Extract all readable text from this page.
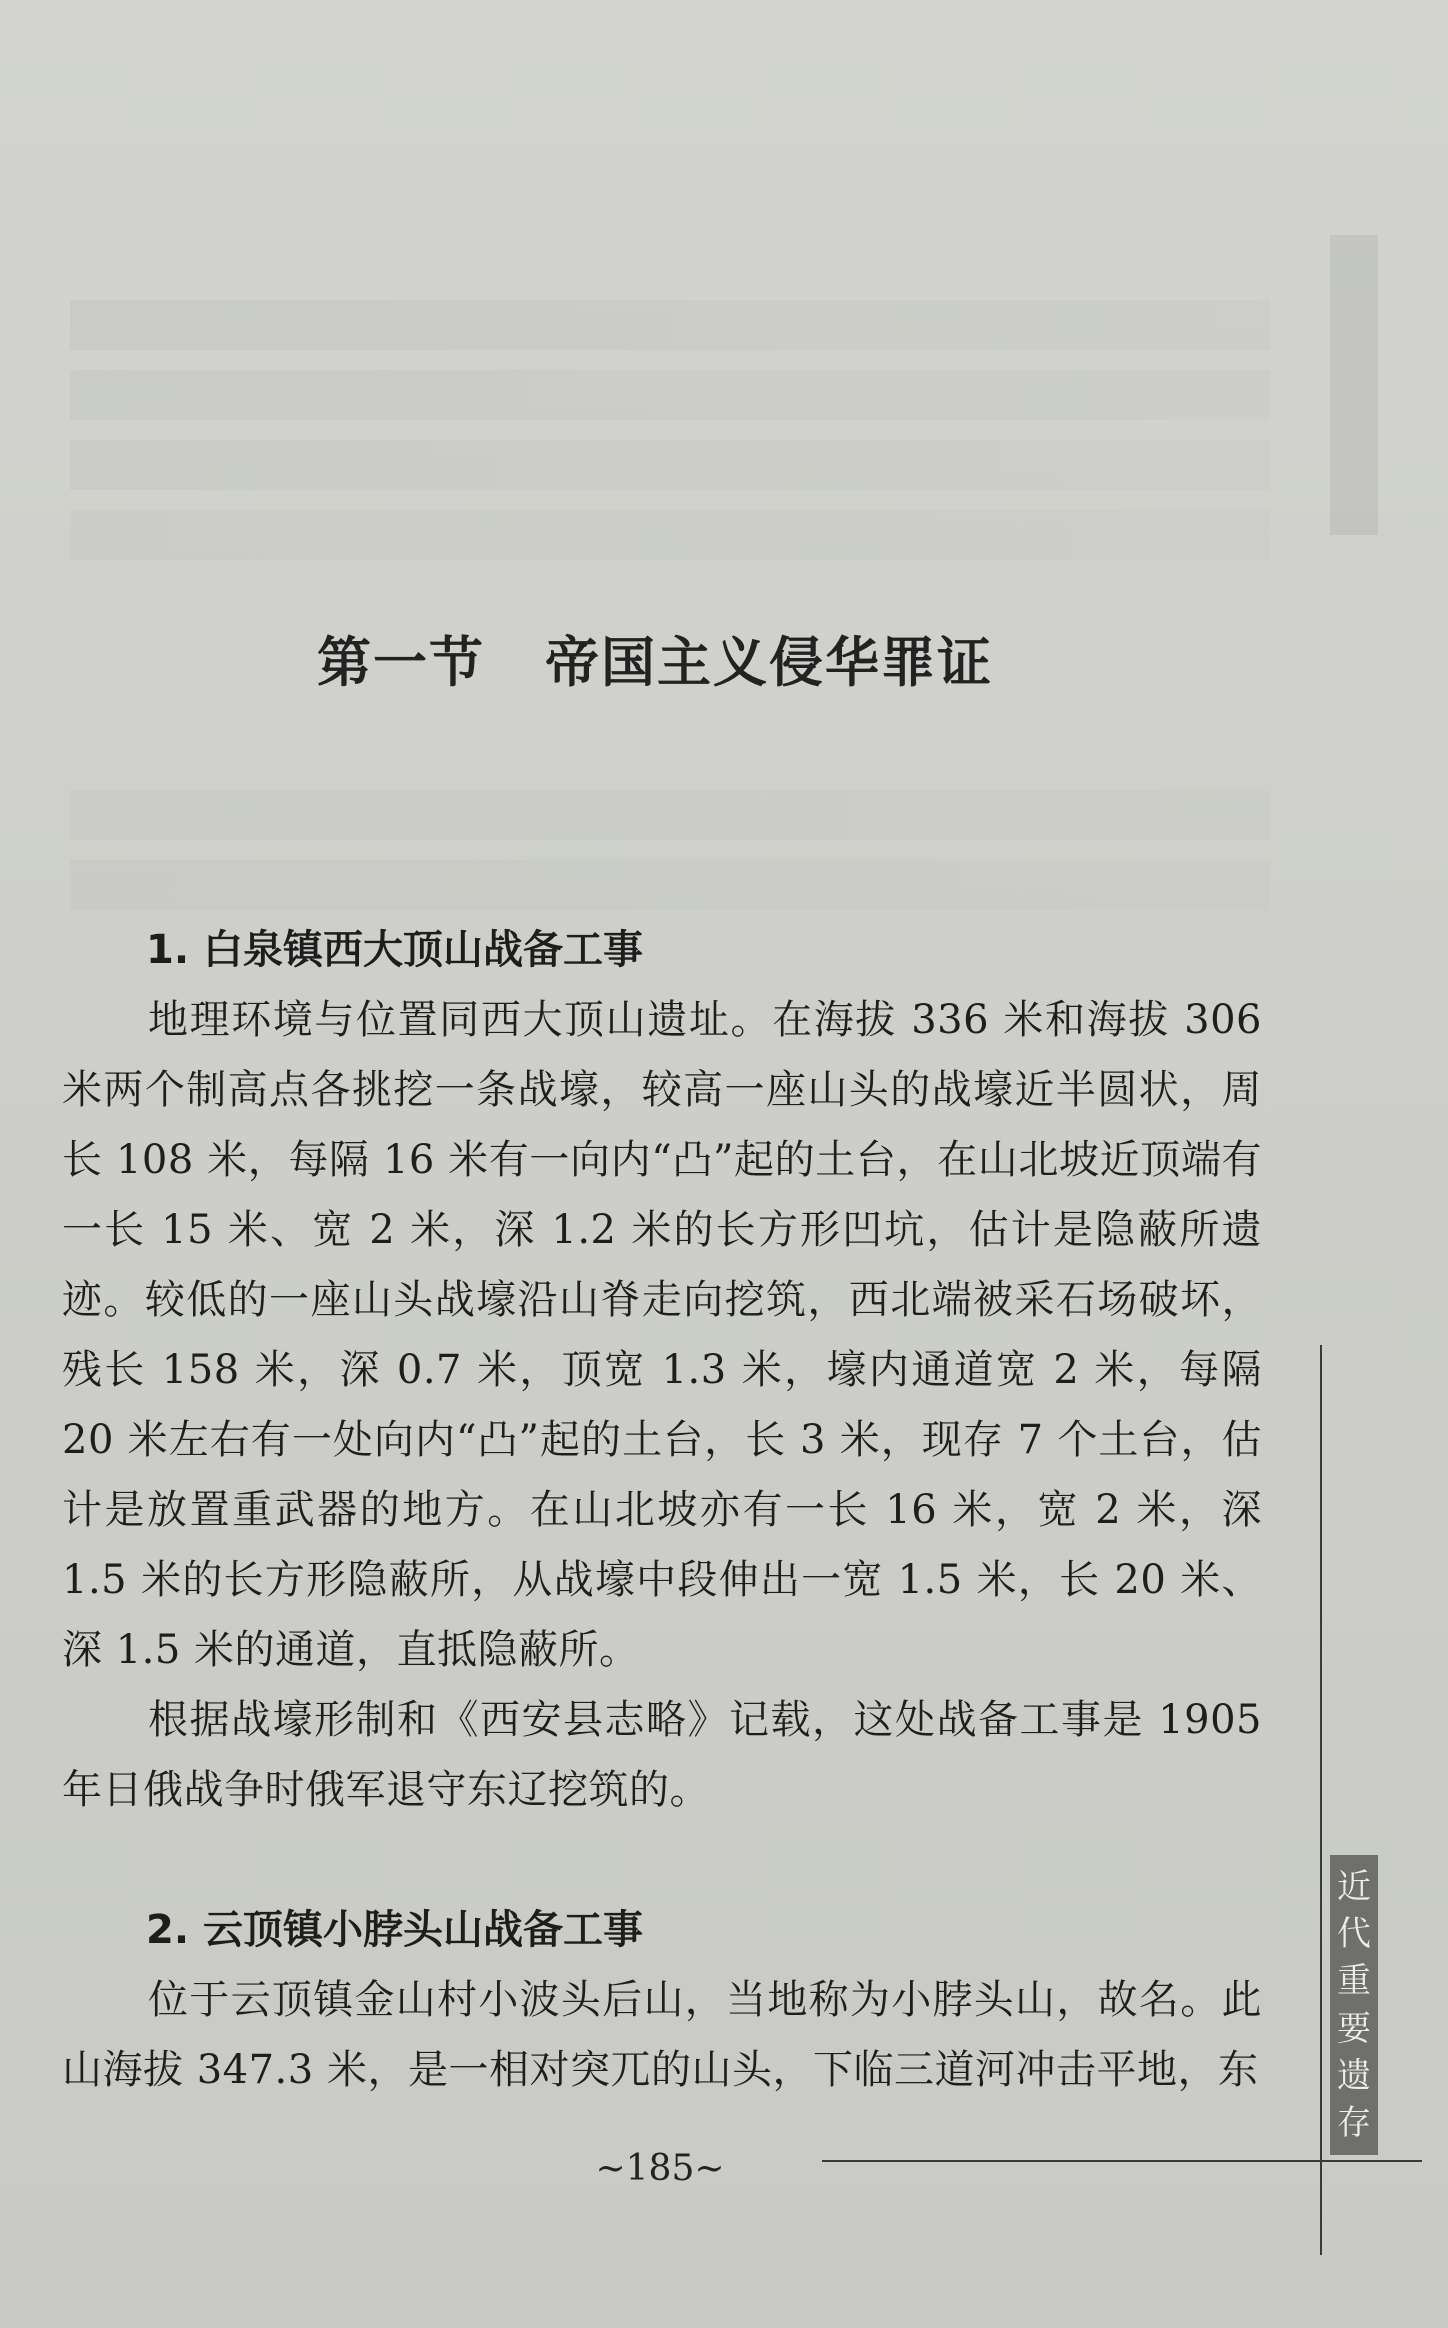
第一节 帝国主义侵华罪证
1. 白泉镇西大顶山战备工事

地理环境与位置同西大顶山遗址。在海拔 336 米和海拔 306 米两个制高点各挑挖一条战壕，较高一座山头的战壕近半圆状，周长 108 米，每隔 16 米有一向内“凸”起的土台，在山北坡近顶端有一长 15 米、宽 2 米，深 1.2 米的长方形凹坑，估计是隐蔽所遗迹。较低的一座山头战壕沿山脊走向挖筑，西北端被采石场破坏，残长 158 米，深 0.7 米，顶宽 1.3 米，壕内通道宽 2 米，每隔 20 米左右有一处向内“凸”起的土台，长 3 米，现存 7 个土台，估计是放置重武器的地方。在山北坡亦有一长 16 米，宽 2 米，深 1.5 米的长方形隐蔽所，从战壕中段伸出一宽 1.5 米，长 20 米、深 1.5 米的通道，直抵隐蔽所。

根据战壕形制和《西安县志略》记载，这处战备工事是 1905 年日俄战争时俄军退守东辽挖筑的。

2. 云顶镇小脖头山战备工事

位于云顶镇金山村小波头后山，当地称为小脖头山，故名。此山海拔 347.3 米，是一相对突兀的山头，下临三道河冲击平地，东

近
代
重
要
遗
存
~185~
